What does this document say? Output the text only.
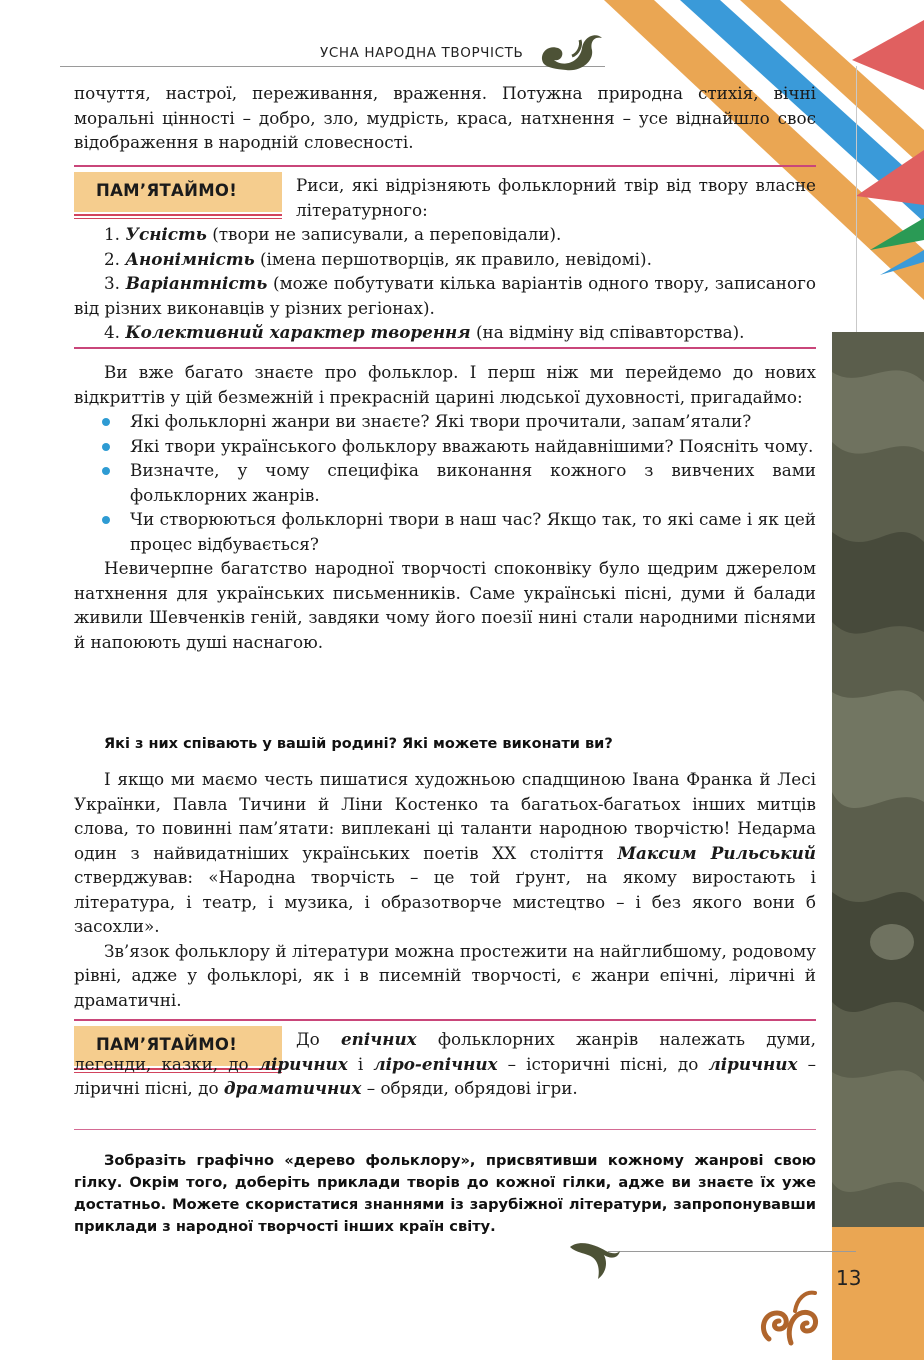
УСНА НАРОДНА ТВОРЧІСТЬ
13

почуття, настрої, переживання, враження. Потужна природна стихія, вічні моральні цінності – добро, зло, мудрість, краса, натхнення – усе віднайшло своє відображення в народній словесності.

ПАМ’ЯТАЙМО!	Риси, які відрізняють фольклорний твір від твору власне літературного:
1. Усність (твори не записували, а переповідали).
2. Анонімність (імена першотворців, як правило, невідомі).
3. Варіантність (може побутувати кілька варіантів одного твору, записаного від різних виконавців у різних регіонах).
4. Колективний характер творення (на відміну від співавторства).

Ви вже багато знаєте про фольклор. І перш ніж ми перейдемо до нових відкриттів у цій безмежній і прекрасній царині людської духовності, пригадаймо:

Які фольклорні жанри ви знаєте? Які твори прочитали, запам’ятали?
Які твори українського фольклору вважають найдавнішими? Поясніть чому.
Визначте, у чому специфіка виконання кожного з вивчених вами фольклорних жанрів.
Чи створюються фольклорні твори в наш час? Якщо так, то які саме і як цей процес відбувається?

Невичерпне багатство народної творчості споконвіку було щедрим джерелом натхнення для українських письменників. Саме українські пісні, думи й балади живили Шевченків геній, завдяки чому його поезії нині стали народними піснями й напоюють душі наснагою.

Які з них співають у вашій родині? Які можете виконати ви?

І якщо ми маємо честь пишатися художньою спадщиною Івана Франка й Лесі Українки, Павла Тичини й Ліни Костенко та багатьох-багатьох інших митців слова, то повинні пам’ятати: виплекані ці таланти народною творчістю! Недарма один з найвидатніших українських поетів XX століття Максим Рильський стверджував: «Народна творчість – це той ґрунт, на якому виростають і література, і театр, і музика, і образотворче мистецтво – і без якого вони б засохли».

Зв’язок фольклору й літератури можна простежити на найглибшому, родовому рівні, адже у фольклорі, як і в писемній творчості, є жанри епічні, ліричні й драматичні.

ПАМ’ЯТАЙМО!	До епічних фольклорних жанрів належать думи, легенди, казки, до ліричних і ліро-епічних – історичні пісні, до ліричних – ліричні пісні, до драматичних – обряди, обрядові ігри.

Зобразіть графічно «дерево фольклору», присвятивши кожному жанрові свою гілку. Окрім того, доберіть приклади творів до кожної гілки, адже ви знаєте їх уже достатньо. Можете скористатися знаннями із зарубіжної літератури, запропонувавши приклади з народної творчості інших країн світу.
